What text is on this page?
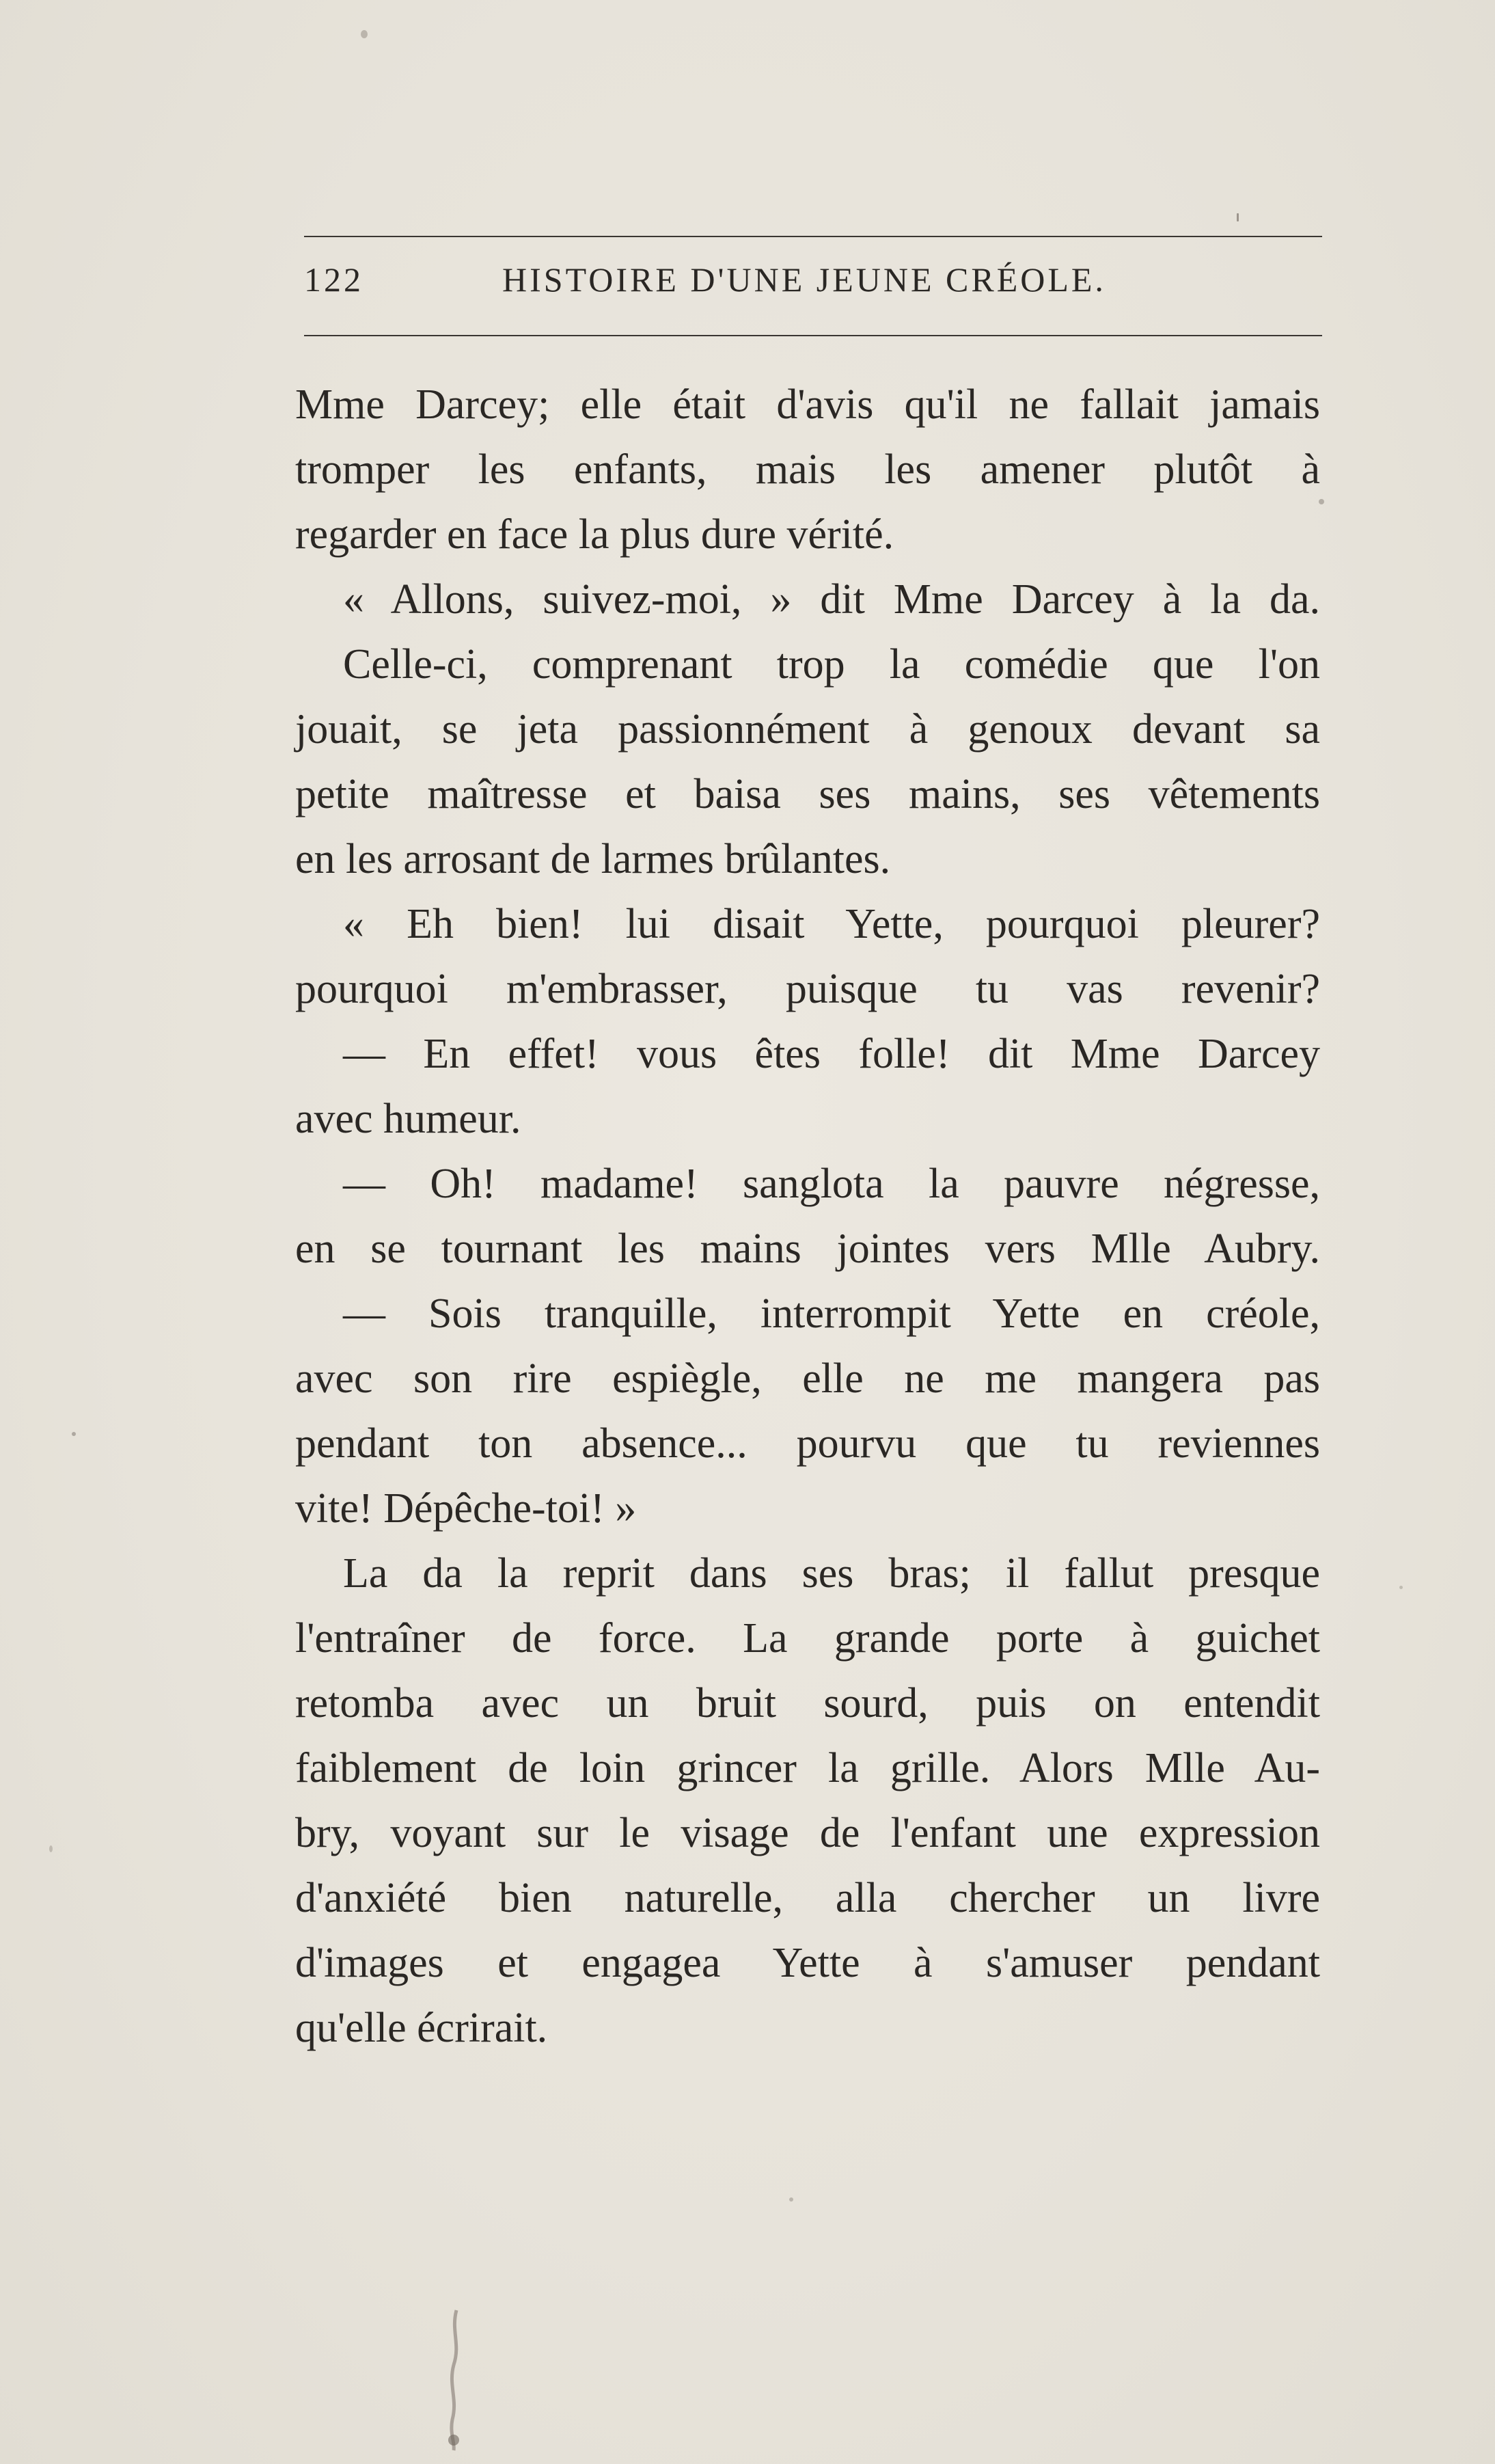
122	HISTOIRE D'UNE JEUNE CRÉOLE.
Mme Darcey; elle était d'avis qu'il ne fallait jamais
tromper les enfants, mais les amener plutôt à
regarder en face la plus dure vérité.
« Allons, suivez-moi, » dit Mme Darcey à la da.
Celle-ci, comprenant trop la comédie que l'on
jouait, se jeta passionnément à genoux devant sa
petite maîtresse et baisa ses mains, ses vêtements
en les arrosant de larmes brûlantes.
« Eh bien! lui disait Yette, pourquoi pleurer?
pourquoi m'embrasser, puisque tu vas revenir?
— En effet! vous êtes folle! dit Mme Darcey
avec humeur.
— Oh! madame! sanglota la pauvre négresse,
en se tournant les mains jointes vers Mlle Aubry.
— Sois tranquille, interrompit Yette en créole,
avec son rire espiègle, elle ne me mangera pas
pendant ton absence... pourvu que tu reviennes
vite! Dépêche-toi! »
La da la reprit dans ses bras; il fallut presque
l'entraîner de force. La grande porte à guichet
retomba avec un bruit sourd, puis on entendit
faiblement de loin grincer la grille. Alors Mlle Au-
bry, voyant sur le visage de l'enfant une expression
d'anxiété bien naturelle, alla chercher un livre
d'images et engagea Yette à s'amuser pendant
qu'elle écrirait.
